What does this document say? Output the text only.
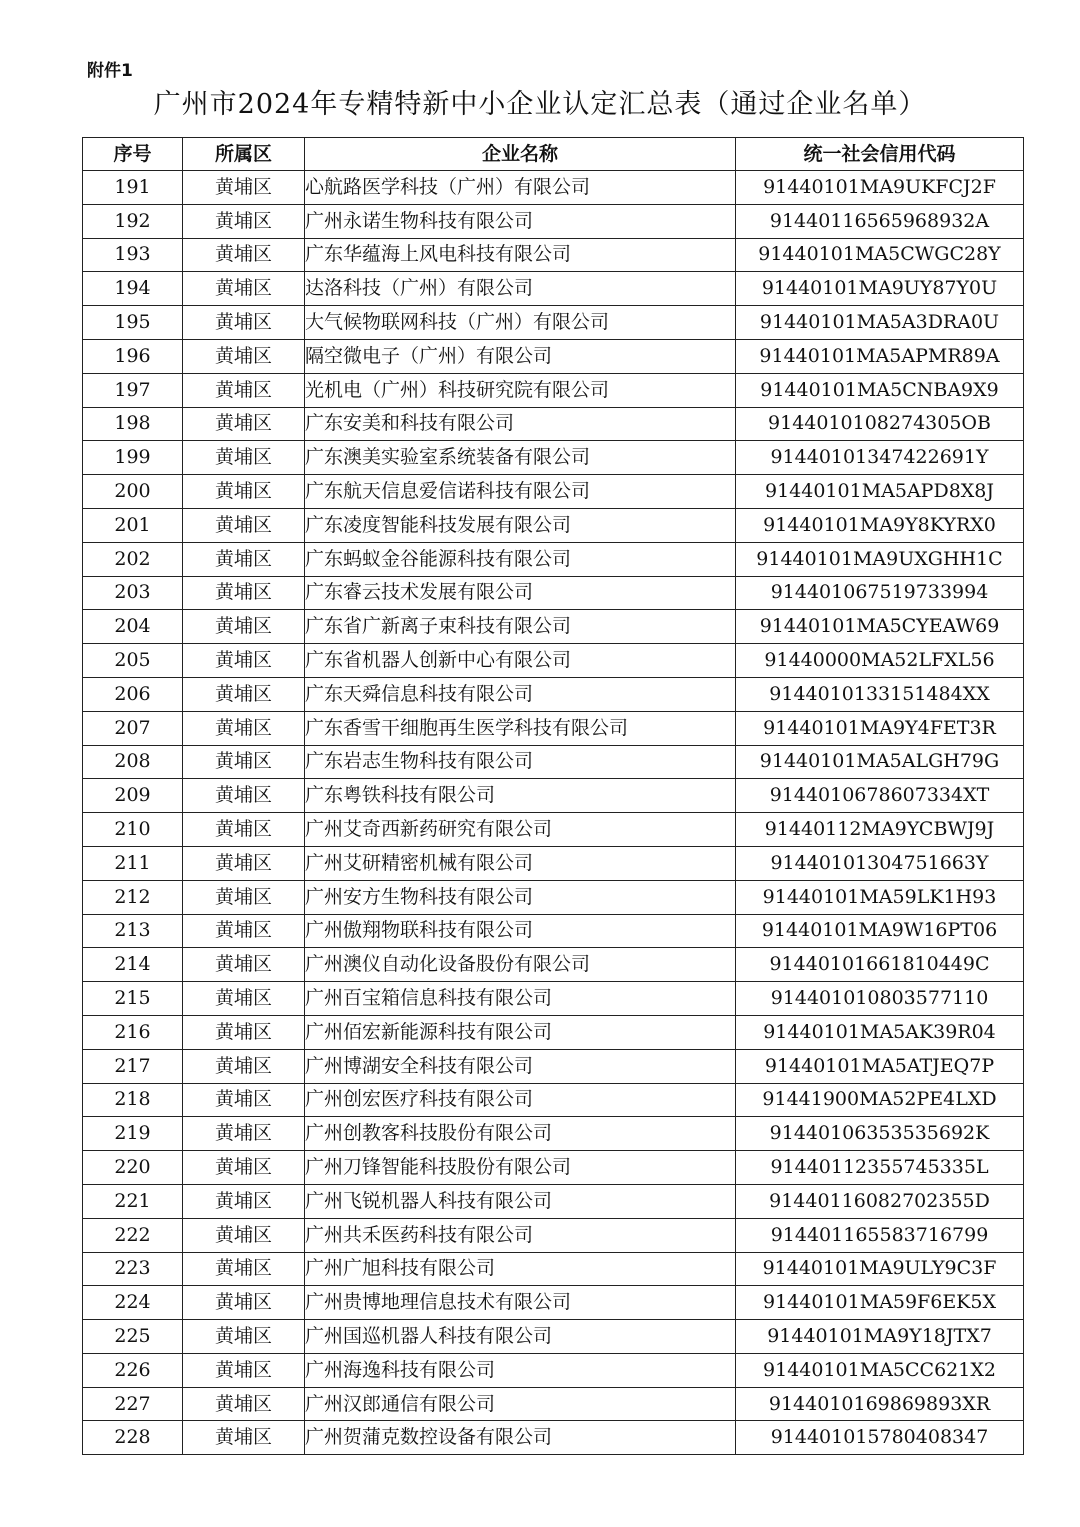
附件1
广州市2024年专精特新中小企业认定汇总表（通过企业名单）
序号	所属区	企业名称	统一社会信用代码
191	黄埔区	心航路医学科技（广州）有限公司	91440101MA9UKFCJ2F
192	黄埔区	广州永诺生物科技有限公司	91440116565968932A
193	黄埔区	广东华蕴海上风电科技有限公司	91440101MA5CWGC28Y
194	黄埔区	达洛科技（广州）有限公司	91440101MA9UY87Y0U
195	黄埔区	大气候物联网科技（广州）有限公司	91440101MA5A3DRA0U
196	黄埔区	隔空微电子（广州）有限公司	91440101MA5APMR89A
197	黄埔区	光机电（广州）科技研究院有限公司	91440101MA5CNBA9X9
198	黄埔区	广东安美和科技有限公司	9144010108274305OB
199	黄埔区	广东澳美实验室系统装备有限公司	91440101347422691Y
200	黄埔区	广东航天信息爱信诺科技有限公司	91440101MA5APD8X8J
201	黄埔区	广东凌度智能科技发展有限公司	91440101MA9Y8KYRX0
202	黄埔区	广东蚂蚁金谷能源科技有限公司	91440101MA9UXGHH1C
203	黄埔区	广东睿云技术发展有限公司	914401067519733994
204	黄埔区	广东省广新离子束科技有限公司	91440101MA5CYEAW69
205	黄埔区	广东省机器人创新中心有限公司	91440000MA52LFXL56
206	黄埔区	广东天舜信息科技有限公司	9144010133151484XX
207	黄埔区	广东香雪干细胞再生医学科技有限公司	91440101MA9Y4FET3R
208	黄埔区	广东岩志生物科技有限公司	91440101MA5ALGH79G
209	黄埔区	广东粤铁科技有限公司	9144010678607334XT
210	黄埔区	广州艾奇西新药研究有限公司	91440112MA9YCBWJ9J
211	黄埔区	广州艾研精密机械有限公司	91440101304751663Y
212	黄埔区	广州安方生物科技有限公司	91440101MA59LK1H93
213	黄埔区	广州傲翔物联科技有限公司	91440101MA9W16PT06
214	黄埔区	广州澳仪自动化设备股份有限公司	91440101661810449C
215	黄埔区	广州百宝箱信息科技有限公司	914401010803577110
216	黄埔区	广州佰宏新能源科技有限公司	91440101MA5AK39R04
217	黄埔区	广州博湖安全科技有限公司	91440101MA5ATJEQ7P
218	黄埔区	广州创宏医疗科技有限公司	91441900MA52PE4LXD
219	黄埔区	广州创教客科技股份有限公司	91440106353535692K
220	黄埔区	广州刀锋智能科技股份有限公司	91440112355745335L
221	黄埔区	广州飞锐机器人科技有限公司	91440116082702355D
222	黄埔区	广州共禾医药科技有限公司	914401165583716799
223	黄埔区	广州广旭科技有限公司	91440101MA9ULY9C3F
224	黄埔区	广州贵博地理信息技术有限公司	91440101MA59F6EK5X
225	黄埔区	广州国巡机器人科技有限公司	91440101MA9Y18JTX7
226	黄埔区	广州海逸科技有限公司	91440101MA5CC621X2
227	黄埔区	广州汉郎通信有限公司	9144010169869893XR
228	黄埔区	广州贺蒲克数控设备有限公司	914401015780408347
